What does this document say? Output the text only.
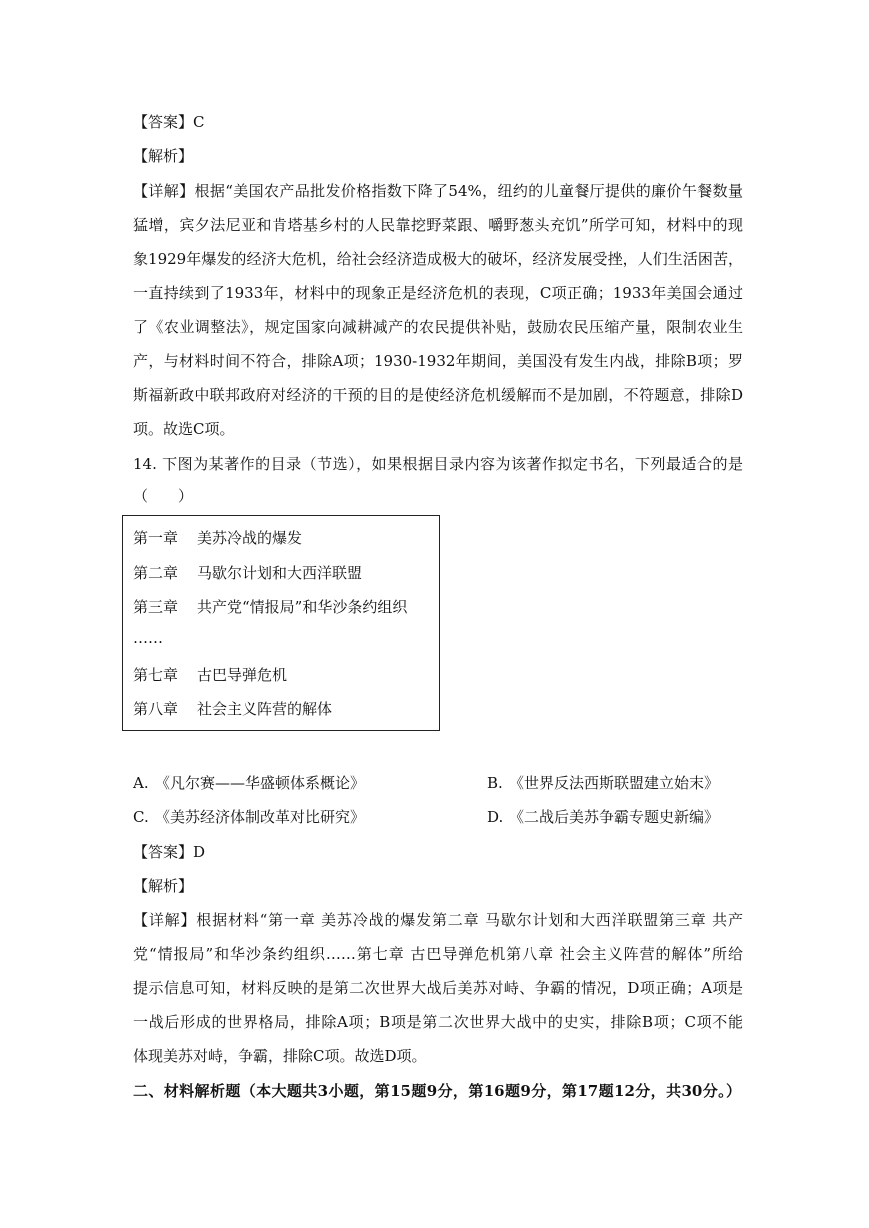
【答案】C
【解析】
【详解】根据“美国农产品批发价格指数下降了54%，纽约的儿童餐厅提供的廉价午餐数量
猛增，宾夕法尼亚和肯塔基乡村的人民靠挖野菜跟、嚼野葱头充饥”所学可知，材料中的现
象1929年爆发的经济大危机，给社会经济造成极大的破坏，经济发展受挫，人们生活困苦，
一直持续到了1933年，材料中的现象正是经济危机的表现，C项正确；1933年美国会通过
了《农业调整法》，规定国家向减耕减产的农民提供补贴，鼓励农民压缩产量，限制农业生
产，与材料时间不符合，排除A项；1930-1932年期间，美国没有发生内战，排除B项；罗
斯福新政中联邦政府对经济的干预的目的是使经济危机缓解而不是加剧，不符题意，排除D
项。故选C项。
14. 下图为某著作的目录（节选），如果根据目录内容为该著作拟定书名，下列最适合的是
（　　）
第一章 美苏冷战的爆发
第二章 马歇尔计划和大西洋联盟
第三章 共产党“情报局”和华沙条约组织
……
第七章 古巴导弹危机
第八章 社会主义阵营的解体
A. 《凡尔赛——华盛顿体系概论》	B. 《世界反法西斯联盟建立始末》
C. 《美苏经济体制改革对比研究》	D. 《二战后美苏争霸专题史新编》
【答案】D
【解析】
【详解】根据材料“第一章 美苏冷战的爆发第二章 马歇尔计划和大西洋联盟第三章 共产
党“情报局”和华沙条约组织……第七章 古巴导弹危机第八章 社会主义阵营的解体”所给
提示信息可知，材料反映的是第二次世界大战后美苏对峙、争霸的情况，D项正确；A项是
一战后形成的世界格局，排除A项；B项是第二次世界大战中的史实，排除B项；C项不能
体现美苏对峙，争霸，排除C项。故选D项。
二、材料解析题（本大题共3小题，第15题9分，第16题9分，第17题12分，共30分。）
